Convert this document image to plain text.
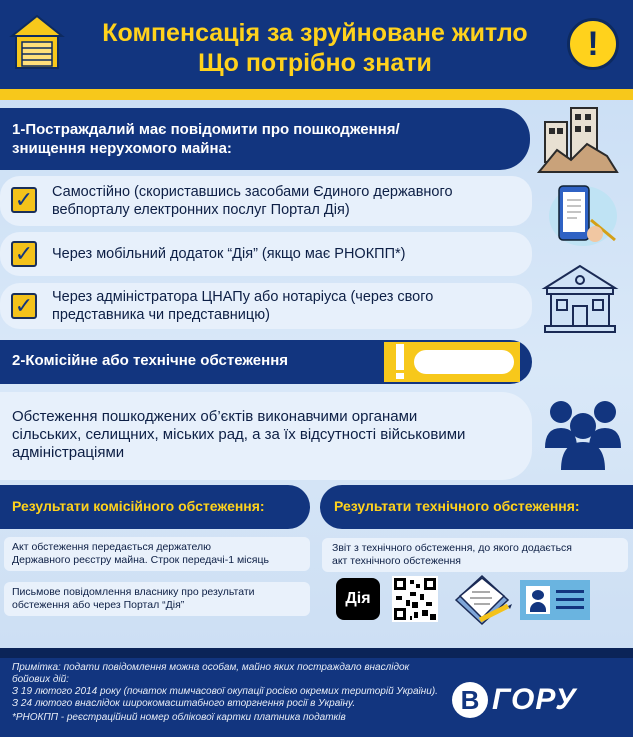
Компенсація за зруйноване житло
Що потрібно знати	!
1-Постраждалий має повідомити про пошкодження/
знищення нерухомого майна:
✓ Самостійно (скориставшись засобами Єдиного державного
вебпорталу електронних послуг Портал Дія)
✓ Через мобільний додаток “Дія” (якщо має РНОКПП*)
✓ Через адміністратора ЦНАПу або нотаріуса (через свого
представника чи представницю)
2-Комісійне або технічне обстеження
Обстеження пошкоджених об’єктів виконавчими органами
сільських, селищних, міських рад, а за їх відсутності військовими
адміністраціями
Результати комісійного обстеження:	Результати технічного обстеження:
Акт обстеження передається держателю
Державного реєстру майна. Строк передачі-1 місяць
Письмове повідомлення власнику про результати
обстеження або через Портал “Дія”
Звіт з технічного обстеження, до якого додається
акт технічного обстеження
Дія
Примітка: подати повідомлення можна особам, майно яких постраждало внаслідок
бойових дій:
З 19 лютого 2014 року (початок тимчасової окупації росією окремих територій України).
З 24 лютого внаслідок широкомасштабного вторгнення росії в Україну.
*РНОКПП - реєстраційний номер облікової картки платника податків
В ГОРУ
